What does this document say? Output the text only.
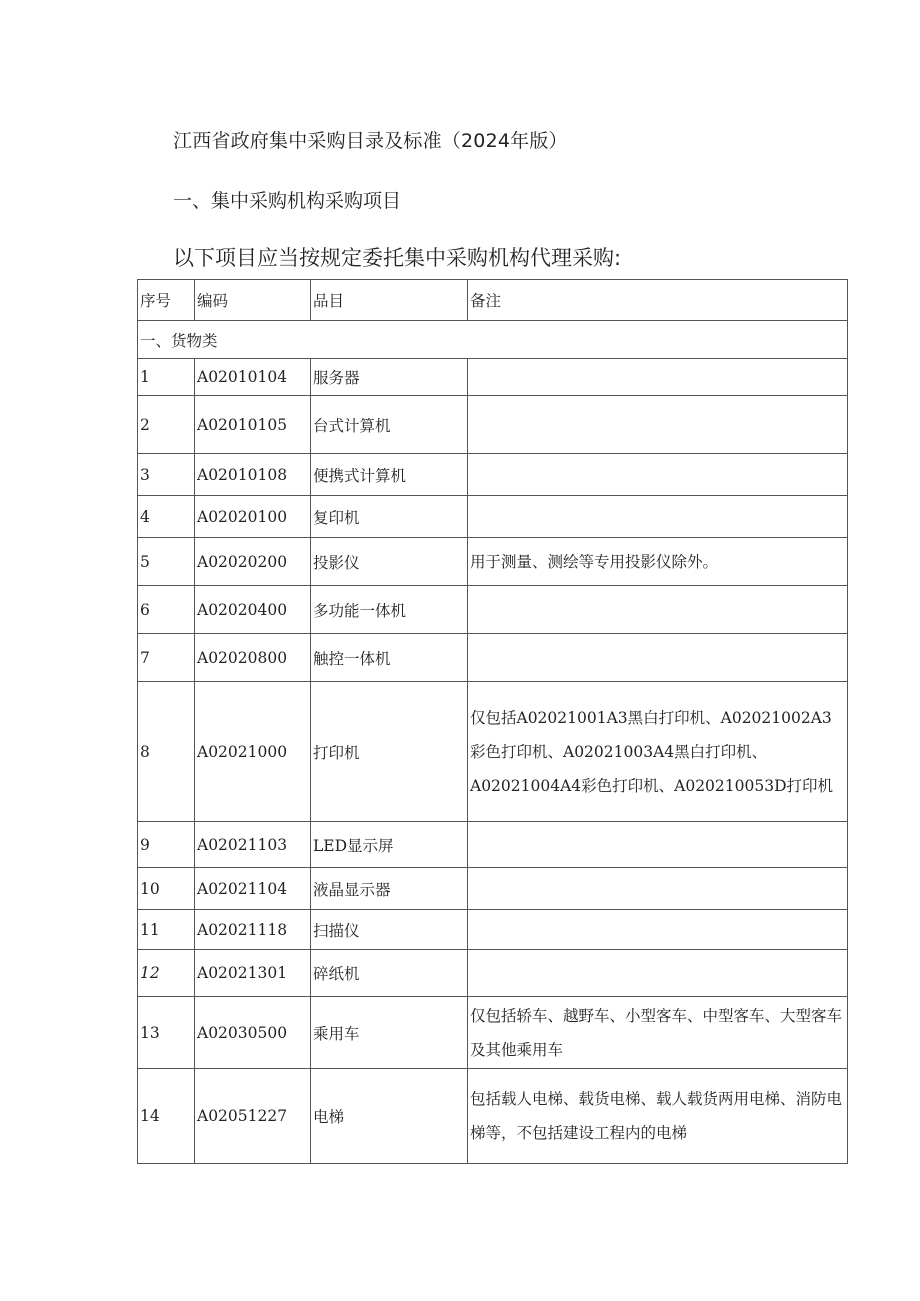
江西省政府集中采购目录及标准（2024年版）
一、集中采购机构采购项目
以下项目应当按规定委托集中采购机构代理采购:
序号	编码	品目	备注
一、货物类			
1	A02010104	服务器	
2	A02010105	台式计算机	
3	A02010108	便携式计算机	
4	A02020100	复印机	
5	A02020200	投影仪	用于测量、测绘等专用投影仪除外。
6	A02020400	多功能一体机	
7	A02020800	触控一体机	
8	A02021000	打印机	仅包括A02021001A3黑白打印机、A02021002A3彩色打印机、A02021003A4黑白打印机、A02021004A4彩色打印机、A020210053D打印机
9	A02021103	LED显示屏	
10	A02021104	液晶显示器	
11	A02021118	扫描仪	
12	A02021301	碎纸机	
13	A02030500	乘用车	仅包括轿车、越野车、小型客车、中型客车、大型客车及其他乘用车
14	A02051227	电梯	包括载人电梯、载货电梯、载人载货两用电梯、消防电梯等，不包括建设工程内的电梯
